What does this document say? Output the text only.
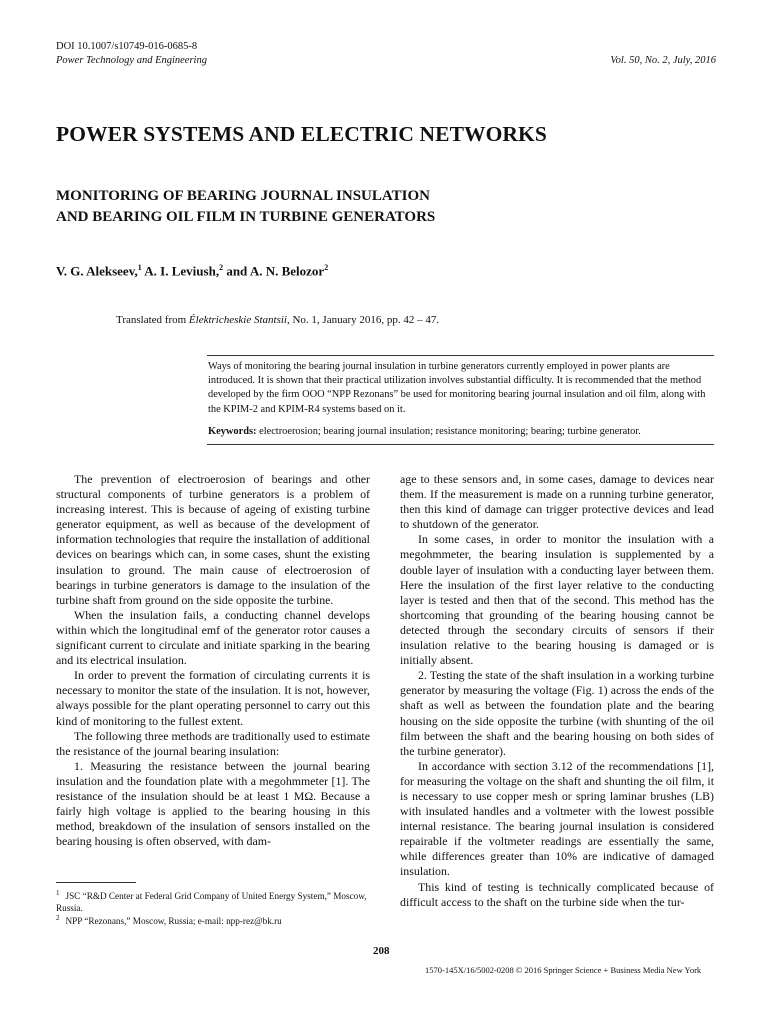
DOI 10.1007/s10749-016-0685-8
Power Technology and Engineering	Vol. 50, No. 2, July, 2016
POWER SYSTEMS AND ELECTRIC NETWORKS
MONITORING OF BEARING JOURNAL INSULATION
AND BEARING OIL FILM IN TURBINE GENERATORS
V. G. Alekseev,$^1$ A. I. Leviush,$^2$ and A. N. Belozor$^2$
Translated from Élektricheskie Stantsii, No. 1, January 2016, pp. 42 – 47.
Ways of monitoring the bearing journal insulation in turbine generators currently employed in power plants are introduced. It is shown that their practical utilization involves substantial difficulty. It is recommended that the method developed by the firm OOO “NPP Rezonans” be used for monitoring bearing journal insulation and oil film, along with the KPIM-2 and KPIM-R4 systems based on it.
Keywords: electroerosion; bearing journal insulation; resistance monitoring; bearing; turbine generator.

The prevention of electroerosion of bearings and other structural components of turbine generators is a problem of increasing interest. This is because of ageing of existing turbine generator equipment, as well as because of the development of information technologies that require the installation of additional devices on bearings which can, in some cases, shunt the existing insulation to ground. The main cause of electroerosion of bearings in turbine generators is damage to the insulation of the turbine shaft from ground on the side opposite the turbine.

When the insulation fails, a conducting channel develops within which the longitudinal emf of the generator rotor causes a significant current to circulate and initiate sparking in the bearing and its electrical insulation.

In order to prevent the formation of circulating currents it is necessary to monitor the state of the insulation. It is not, however, always possible for the plant operating personnel to carry out this kind of monitoring to the fullest extent.

The following three methods are traditionally used to estimate the resistance of the journal bearing insulation:

1. Measuring the resistance between the journal bearing insulation and the foundation plate with a megohmmeter [1]. The resistance of the insulation should be at least 1 MΩ. Because a fairly high voltage is applied to the bearing housing in this method, breakdown of the insulation of sensors installed on the bearing housing is often observed, with dam-

age to these sensors and, in some cases, damage to devices near them. If the measurement is made on a running turbine generator, then this kind of damage can trigger protective devices and lead to shutdown of the generator.

In some cases, in order to monitor the insulation with a megohmmeter, the bearing insulation is supplemented by a double layer of insulation with a conducting layer between them. Here the insulation of the first layer relative to the conducting layer is tested and then that of the second. This method has the shortcoming that grounding of the bearing housing cannot be detected through the secondary circuits of sensors if their insulation relative to the bearing housing is damaged or is initially absent.

2. Testing the state of the shaft insulation in a working turbine generator by measuring the voltage (Fig. 1) across the ends of the shaft as well as between the foundation plate and the bearing housing on the side opposite the turbine (with shunting of the oil film between the shaft and the bearing housing on both sides of the turbine generator).

In accordance with section 3.12 of the recommendations [1], for measuring the voltage on the shaft and shunting the oil film, it is necessary to use copper mesh or spring laminar brushes (LB) with insulated handles and a voltmeter with the lowest possible internal resistance. The bearing journal insulation is considered repairable if the voltmeter readings are essentially the same, while differences greater than 10% are indicative of damaged insulation.

This kind of testing is technically complicated because of difficult access to the shaft on the turbine side when the tur-

$^1$ JSC “R&D Center at Federal Grid Company of United Energy System,” Moscow, Russia.
$^2$ NPP “Rezonans,” Moscow, Russia; e-mail: npp-rez@bk.ru
208
1570-145X/16/5002-0208 © 2016 Springer Science + Business Media New York
